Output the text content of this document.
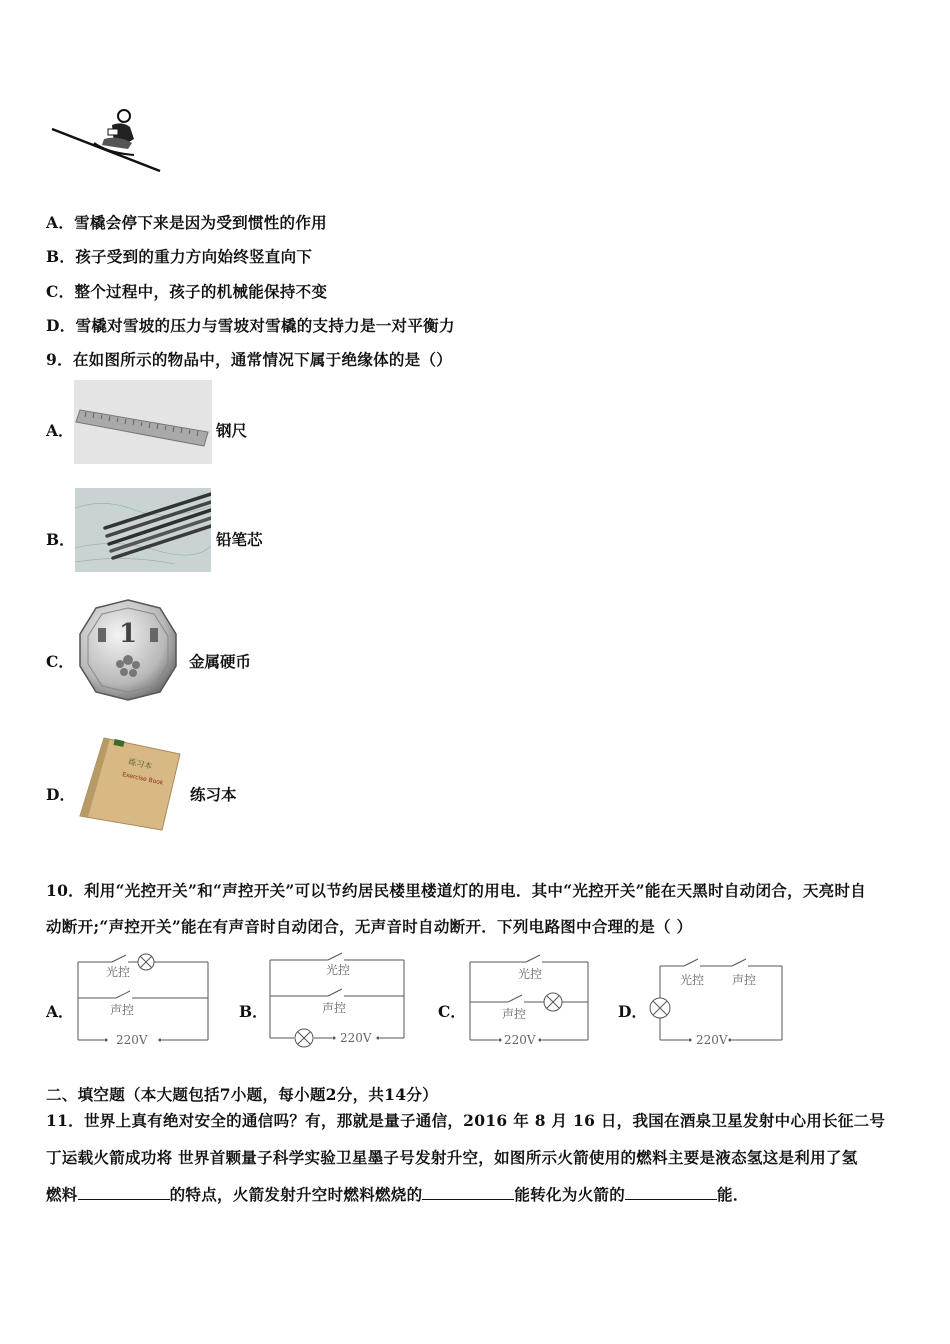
A．雪橇会停下来是因为受到惯性的作用
B．孩子受到的重力方向始终竖直向下
C．整个过程中，孩子的机械能保持不变
D．雪橇对雪坡的压力与雪坡对雪橇的支持力是一对平衡力
9．在如图所示的物品中，通常情况下属于绝缘体的是（）
A．	钢尺
B．	铅笔芯
C．
1
金属硬币
D．
练习本
Exercise Book
练习本
10．利用“光控开关”和“声控开关”可以节约居民楼里楼道灯的用电．其中“光控开关”能在天黑时自动闭合，天亮时自
动断开;“声控开关”能在有声音时自动闭合，无声音时自动断开．下列电路图中合理的是（ ）
A．	B．	C．	D．
光控
声控
220V
光控
声控
220V
光控
声控
220V
光控 声控
220V
二、填空题（本大题包括7小题，每小题2分，共14分）
11．世界上真有绝对安全的通信吗？有，那就是量子通信，2016 年 8 月 16 日，我国在酒泉卫星发射中心用长征二号
丁运载火箭成功将 世界首颗量子科学实验卫星墨子号发射升空，如图所示火箭使用的燃料主要是液态氢这是利用了氢
燃料	的特点，火箭发射升空时燃料燃烧的	能转化为火箭的	能．
